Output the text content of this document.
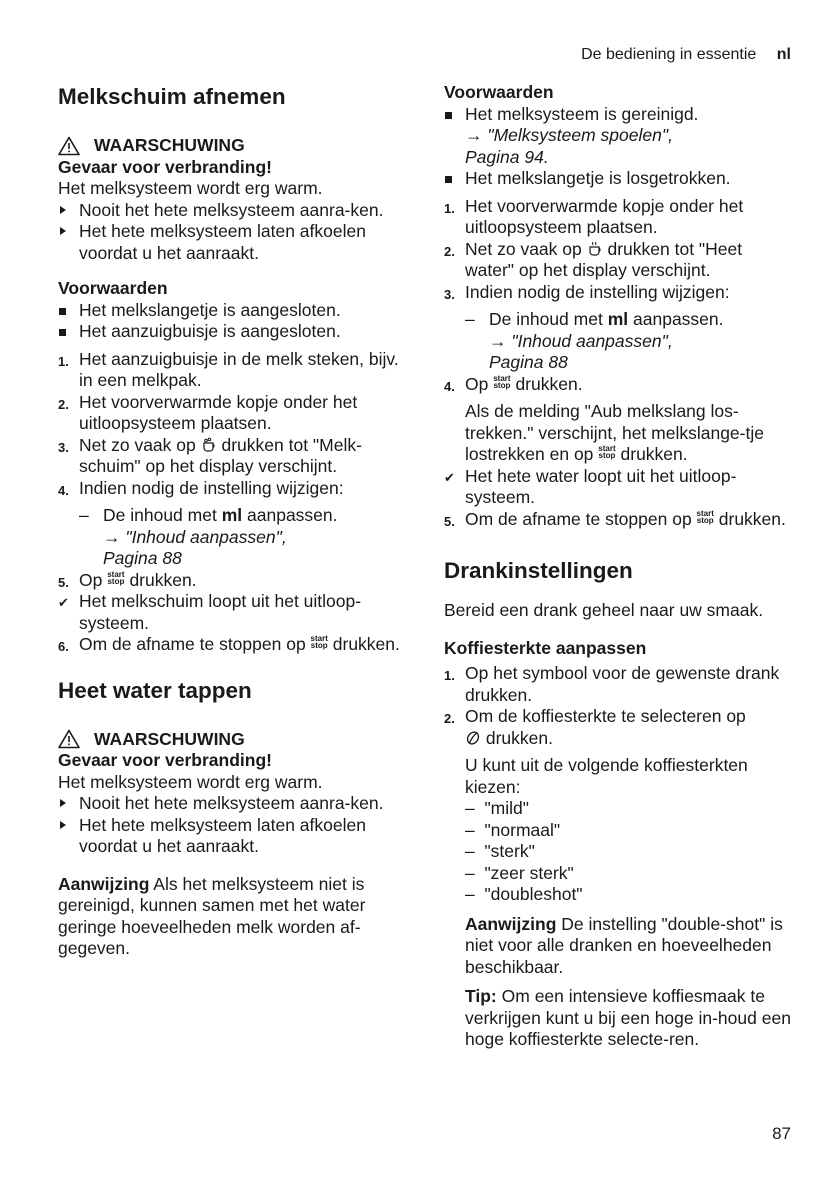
De bediening in essentie nl
Melkschuim afnemen
WAARSCHUWING

Gevaar voor verbranding!

Het melksysteem wordt erg warm.

Nooit het hete melksysteem aanra-ken.
Het hete melksysteem laten afkoelen voordat u het aanraakt.
Voorwaarden
Het melkslangetje is aangesloten.
Het aanzuigbuisje is aangesloten.
1. Het aanzuigbuisje in de melk steken, bijv. in een melkpak.
2. Het voorverwarmde kopje onder het uitloopsysteem plaatsen.
3. Net zo vaak op drukken tot "Melk-schuim" op het display verschijnt.
4. Indien nodig de instelling wijzigen:
– De inhoud met ml aanpassen.
→ "Inhoud aanpassen",
Pagina 88
5. Op start
stop drukken.
✔ Het melkschuim loopt uit het uitloop-systeem.
6. Om de afname te stoppen op start
stop drukken.
Heet water tappen
WAARSCHUWING

Gevaar voor verbranding!

Het melksysteem wordt erg warm.

Nooit het hete melksysteem aanra-ken.
Het hete melksysteem laten afkoelen voordat u het aanraakt.

Aanwijzing Als het melksysteem niet is gereinigd, kunnen samen met het water geringe hoeveelheden melk worden af-gegeven.

Voorwaarden
Het melksysteem is gereinigd.
→ "Melksysteem spoelen",
Pagina 94.
Het melkslangetje is losgetrokken.
1. Het voorverwarmde kopje onder het uitloopsysteem plaatsen.
2. Net zo vaak op drukken tot "Heet water" op het display verschijnt.
3. Indien nodig de instelling wijzigen:
– De inhoud met ml aanpassen.
→ "Inhoud aanpassen",
Pagina 88
4. Op start
stop drukken.

Als de melding "Aub melkslang los-trekken." verschijnt, het melkslange-tje lostrekken en op start
stop drukken.

✔ Het hete water loopt uit het uitloop-systeem.
5. Om de afname te stoppen op start
stop drukken.
Drankinstellingen

Bereid een drank geheel naar uw smaak.

Koffiesterkte aanpassen
1. Op het symbool voor de gewenste drank drukken.
2. Om de koffiesterkte te selecteren op
drukken.

U kunt uit de volgende koffiesterkten kiezen:

–  "mild"
–  "normaal"
–  "sterk"
–  "zeer sterk"
–  "doubleshot"

Aanwijzing De instelling "double-shot" is niet voor alle dranken en hoeveelheden beschikbaar.

Tip: Om een intensieve koffiesmaak te verkrijgen kunt u bij een hoge in-houd een hoge koffiesterkte selecte-ren.

87
